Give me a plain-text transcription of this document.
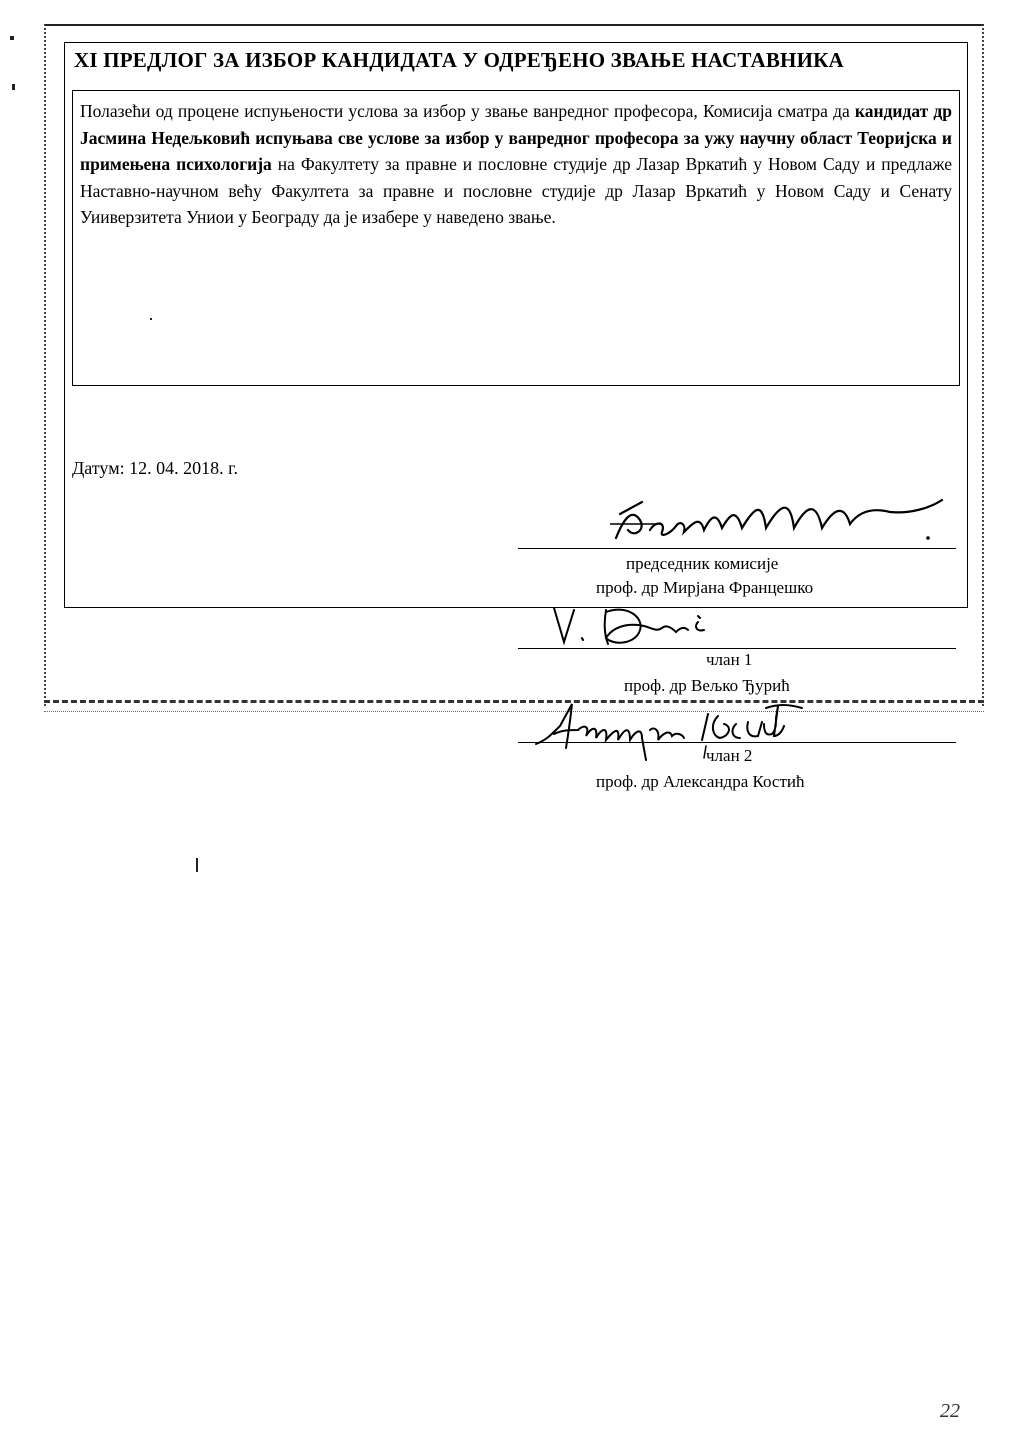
XI ПРЕДЛОГ ЗА ИЗБОР КАНДИДАТА У ОДРЕЂЕНО ЗВАЊЕ НАСТАВНИКА
Полазећи од процене испуњености услова за избор у звање ванредног професора, Комисија сматра да кандидат др Јасмина Недељковић испуњава све услове за избор у ванредног професора за ужу научну област Теоријска и примењена психологија на Факултету за правне и пословне студије др Лазар Вркатић у Новом Саду и предлаже Наставно-научном већу Факултета за правне и пословне студије др Лазар Вркатић у Новом Саду и Сенату Уииверзитета Униои у Београду да је изабере у наведено звање.
Датум: 12. 04. 2018. г.
председник комисије
проф. др Мирјана Францешко
члан 1
проф. др Вељко Ђурић
члан 2
проф. др Александра Костић
22
